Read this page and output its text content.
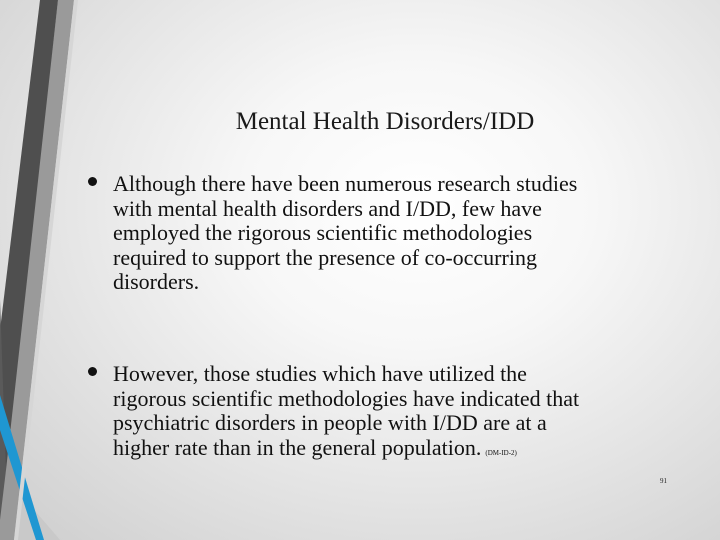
Mental Health Disorders/IDD
Although there have been numerous research studies
with mental health disorders and I/DD, few have
employed the rigorous scientific methodologies
required to support the presence of co-occurring
disorders.
However, those studies which have utilized the
rigorous scientific methodologies have indicated that
psychiatric disorders in people with I/DD are at a
higher rate than in the general population. (DM-ID-2)
91
